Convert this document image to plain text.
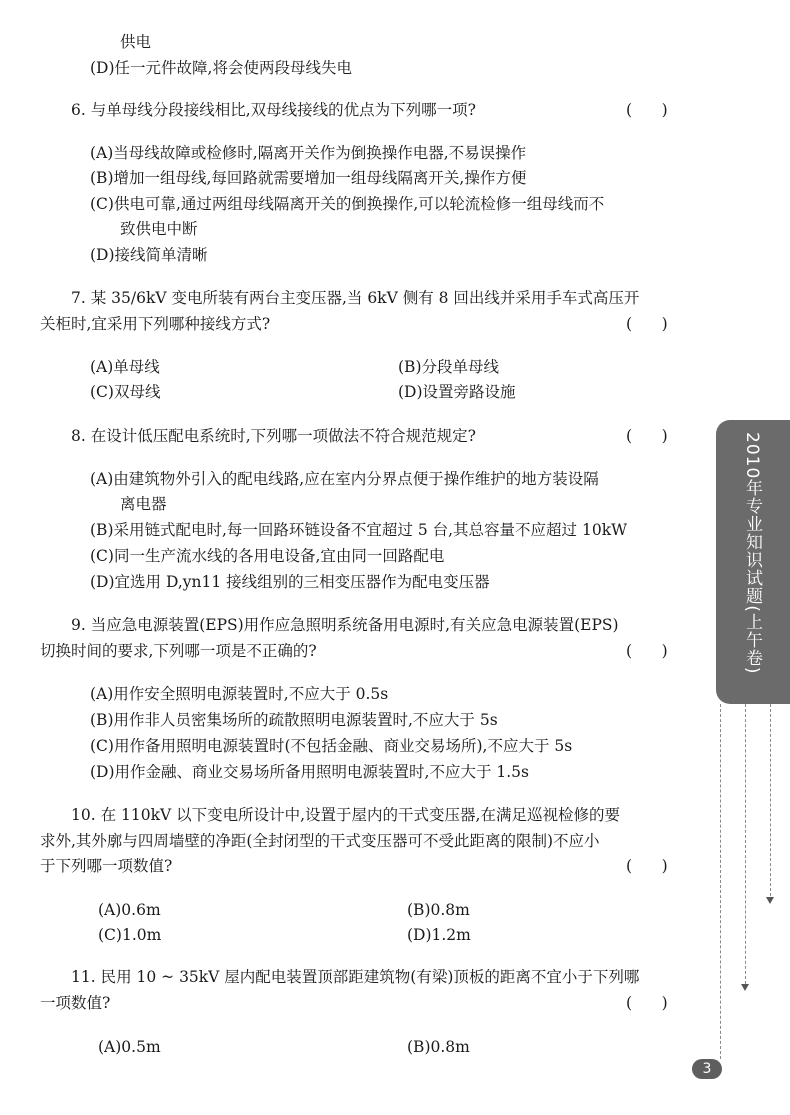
供电
(D)任一元件故障,将会使两段母线失电
6. 与单母线分段接线相比,双母线接线的优点为下列哪一项?	(      )
(A)当母线故障或检修时,隔离开关作为倒换操作电器,不易误操作
(B)增加一组母线,每回路就需要增加一组母线隔离开关,操作方便
(C)供电可靠,通过两组母线隔离开关的倒换操作,可以轮流检修一组母线而不
致供电中断
(D)接线简单清晰
7. 某 35/6kV 变电所装有两台主变压器,当 6kV 侧有 8 回出线并采用手车式高压开
关柜时,宜采用下列哪种接线方式?	(      )
(A)单母线	(B)分段单母线
(C)双母线	(D)设置旁路设施
8. 在设计低压配电系统时,下列哪一项做法不符合规范规定?	(      )
(A)由建筑物外引入的配电线路,应在室内分界点便于操作维护的地方装设隔
离电器
(B)采用链式配电时,每一回路环链设备不宜超过 5 台,其总容量不应超过 10kW
(C)同一生产流水线的各用电设备,宜由同一回路配电
(D)宜选用 D,yn11 接线组别的三相变压器作为配电变压器
9. 当应急电源装置(EPS)用作应急照明系统备用电源时,有关应急电源装置(EPS)
切换时间的要求,下列哪一项是不正确的?	(      )
(A)用作安全照明电源装置时,不应大于 0.5s
(B)用作非人员密集场所的疏散照明电源装置时,不应大于 5s
(C)用作备用照明电源装置时(不包括金融、商业交易场所),不应大于 5s
(D)用作金融、商业交易场所备用照明电源装置时,不应大于 1.5s
10. 在 110kV 以下变电所设计中,设置于屋内的干式变压器,在满足巡视检修的要
求外,其外廓与四周墙壁的净距(全封闭型的干式变压器可不受此距离的限制)不应小
于下列哪一项数值?	(      )
(A)0.6m	(B)0.8m
(C)1.0m	(D)1.2m
11. 民用 10 ~ 35kV 屋内配电装置顶部距建筑物(有梁)顶板的距离不宜小于下列哪
一项数值?	(      )
(A)0.5m	(B)0.8m
2010年专业知识试题(上午卷)
3
